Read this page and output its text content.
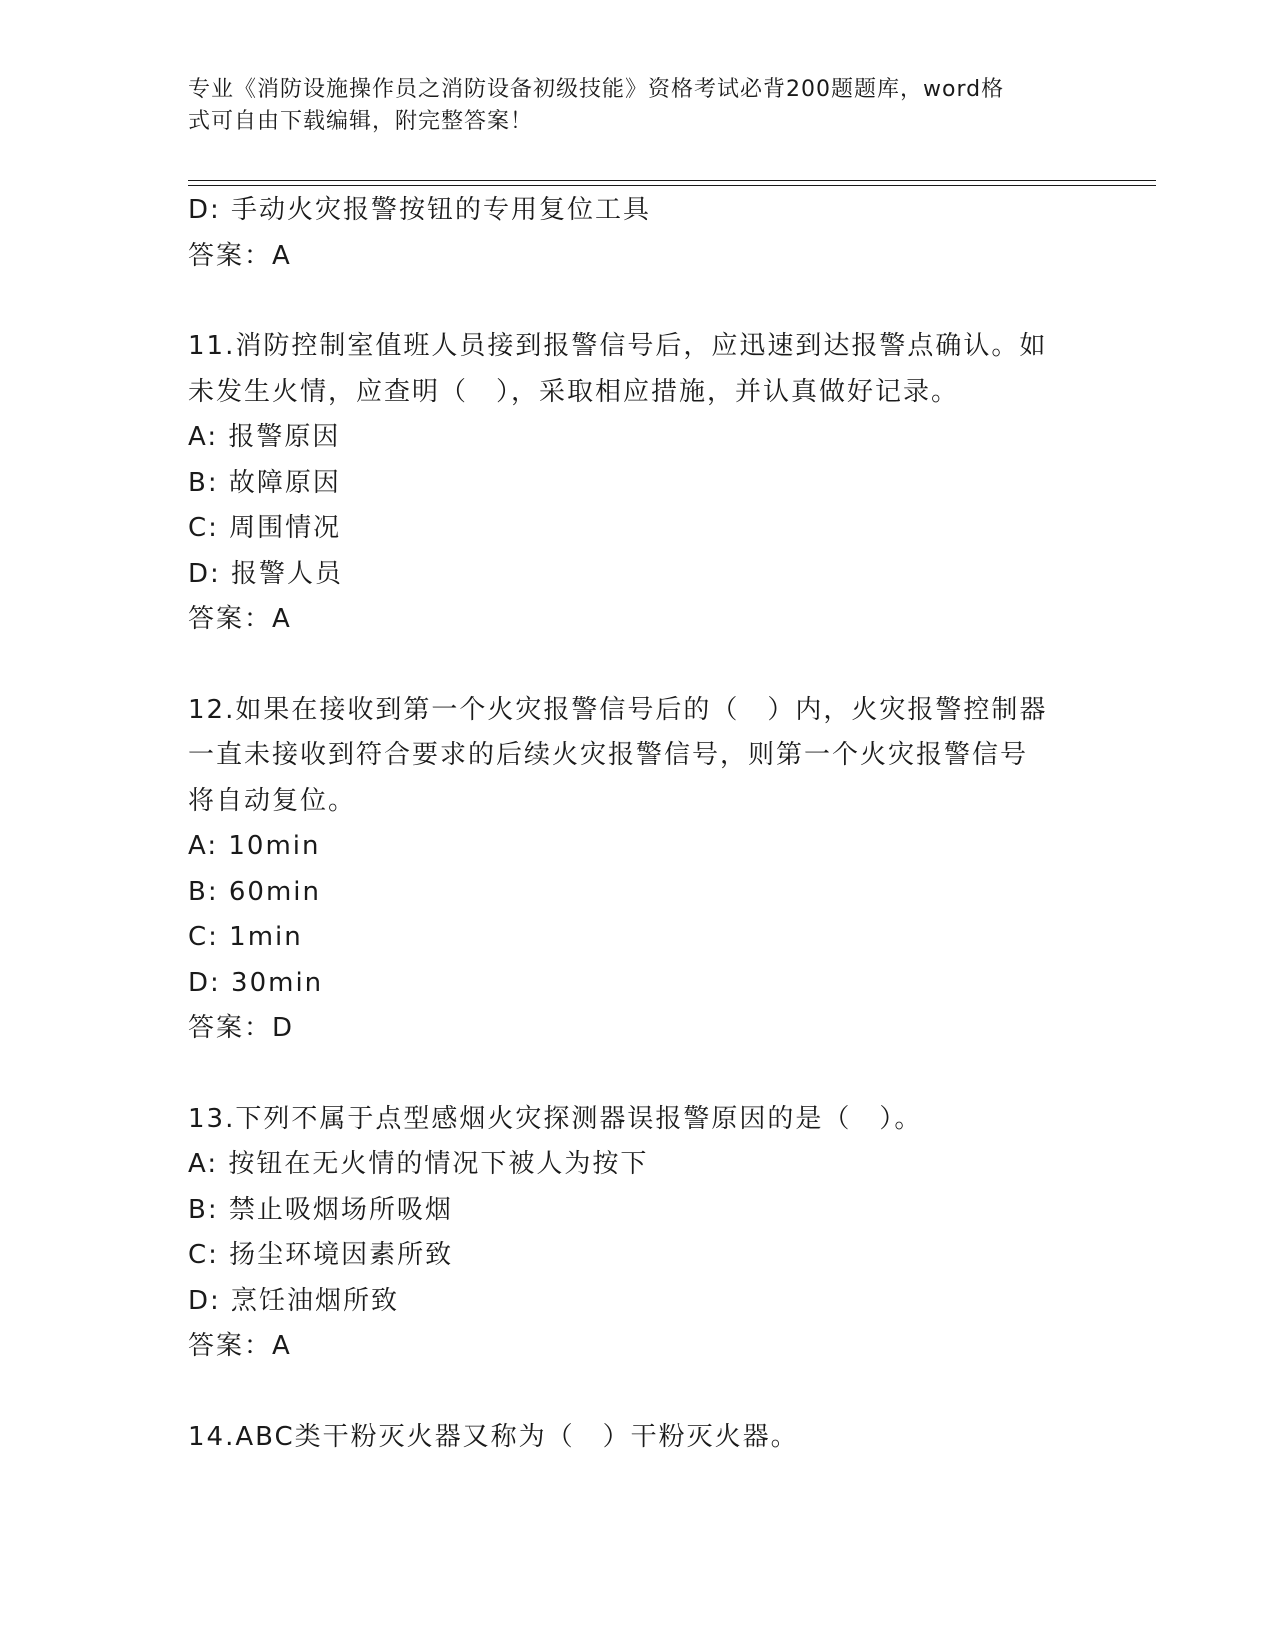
专业《消防设施操作员之消防设备初级技能》资格考试必背200题题库，word格
式可自由下载编辑，附完整答案！
D: 手动火灾报警按钮的专用复位工具
答案：A
11.消防控制室值班人员接到报警信号后，应迅速到达报警点确认。如
未发生火情，应查明（　），采取相应措施，并认真做好记录。
A: 报警原因
B: 故障原因
C: 周围情况
D: 报警人员
答案：A
12.如果在接收到第一个火灾报警信号后的（　）内，火灾报警控制器
一直未接收到符合要求的后续火灾报警信号，则第一个火灾报警信号
将自动复位。
A: 10min
B: 60min
C: 1min
D: 30min
答案：D
13.下列不属于点型感烟火灾探测器误报警原因的是（　）。
A: 按钮在无火情的情况下被人为按下
B: 禁止吸烟场所吸烟
C: 扬尘环境因素所致
D: 烹饪油烟所致
答案：A
14.ABC类干粉灭火器又称为（　）干粉灭火器。
